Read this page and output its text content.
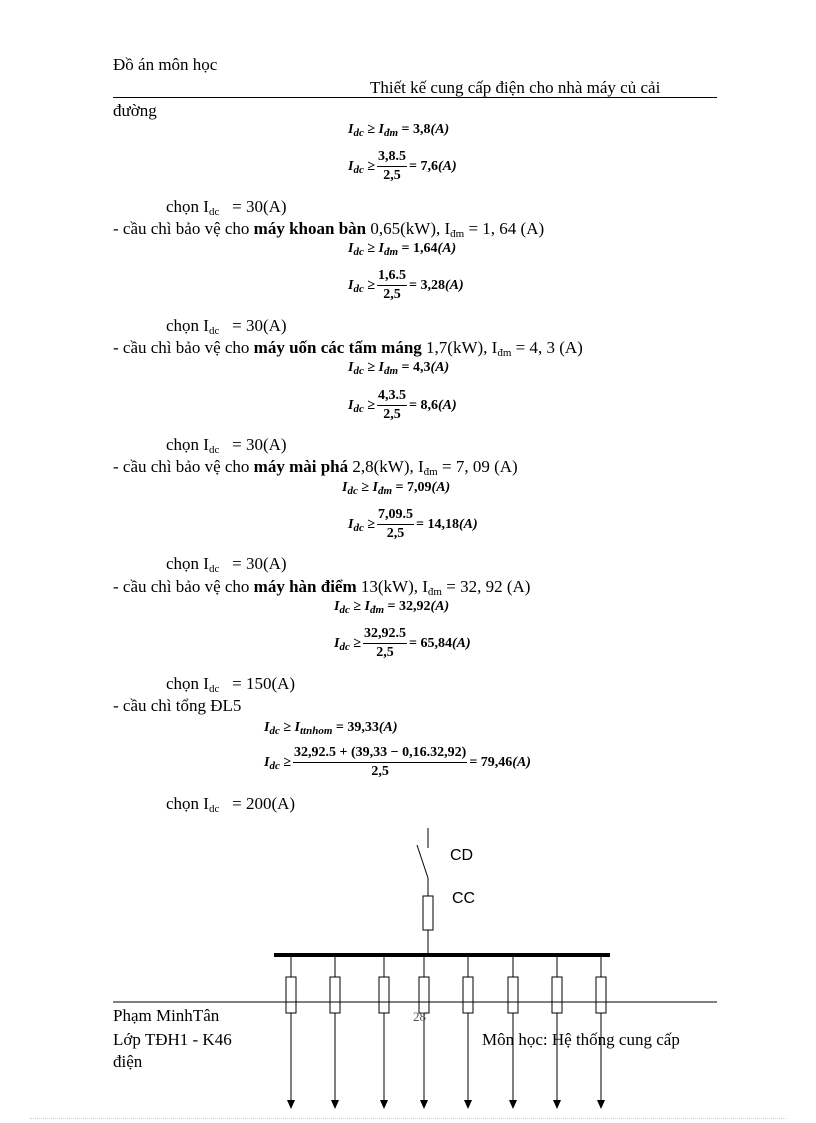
Đồ án môn học
Thiết kế cung cấp điện cho nhà máy củ cải
đường
$I_{dc} \ge I_{đm} = 3,8(A)$
$I_{dc} \ge \frac{3,8.5}{2,5} = 7,6(A)$
chọn $I_{dc} = 30(A)$
- cầu chì bảo vệ cho máy khoan bàn 0,65(kW), $I_{đm} = 1$, 64 (A)
$I_{dc} \ge I_{đm} = 1,64(A)$
$I_{dc} \ge \frac{1,6.5}{2,5} = 3,28(A)$
chọn $I_{dc} = 30(A)$
- cầu chì bảo vệ cho máy uốn các tấm máng 1,7(kW), $I_{đm} = 4$, 3 (A)
$I_{dc} \ge I_{đm} = 4,3(A)$
$I_{dc} \ge \frac{4,3.5}{2,5} = 8,6(A)$
chọn $I_{dc} = 30(A)$
- cầu chì bảo vệ cho máy mài phá 2,8(kW), $I_{đm} = 7$, 09 (A)
$I_{dc} \ge I_{đm} = 7,09(A)$
$I_{dc} \ge \frac{7,09.5}{2,5} = 14,18(A)$
chọn $I_{dc} = 30(A)$
- cầu chì bảo vệ cho máy hàn điểm 13(kW), $I_{đm} = 32$, 92 (A)
$I_{dc} \ge I_{đm} = 32,92(A)$
$I_{dc} \ge \frac{32,92.5}{2,5} = 65,84(A)$
chọn $I_{dc} = 150(A)$
- cầu chì tổng ĐL5
$I_{dc} \ge I_{ttnhom} = 39,33(A)$
$I_{dc} \ge \frac{32,92.5 + (39,33 - 0,16.32,92)}{2,5} = 79,46(A)$
chọn $I_{dc} = 200(A)$
CD
CC
Phạm MinhTân
Lớp TĐH1 - K46
điện
28
Môn học: Hệ thống cung cấp
